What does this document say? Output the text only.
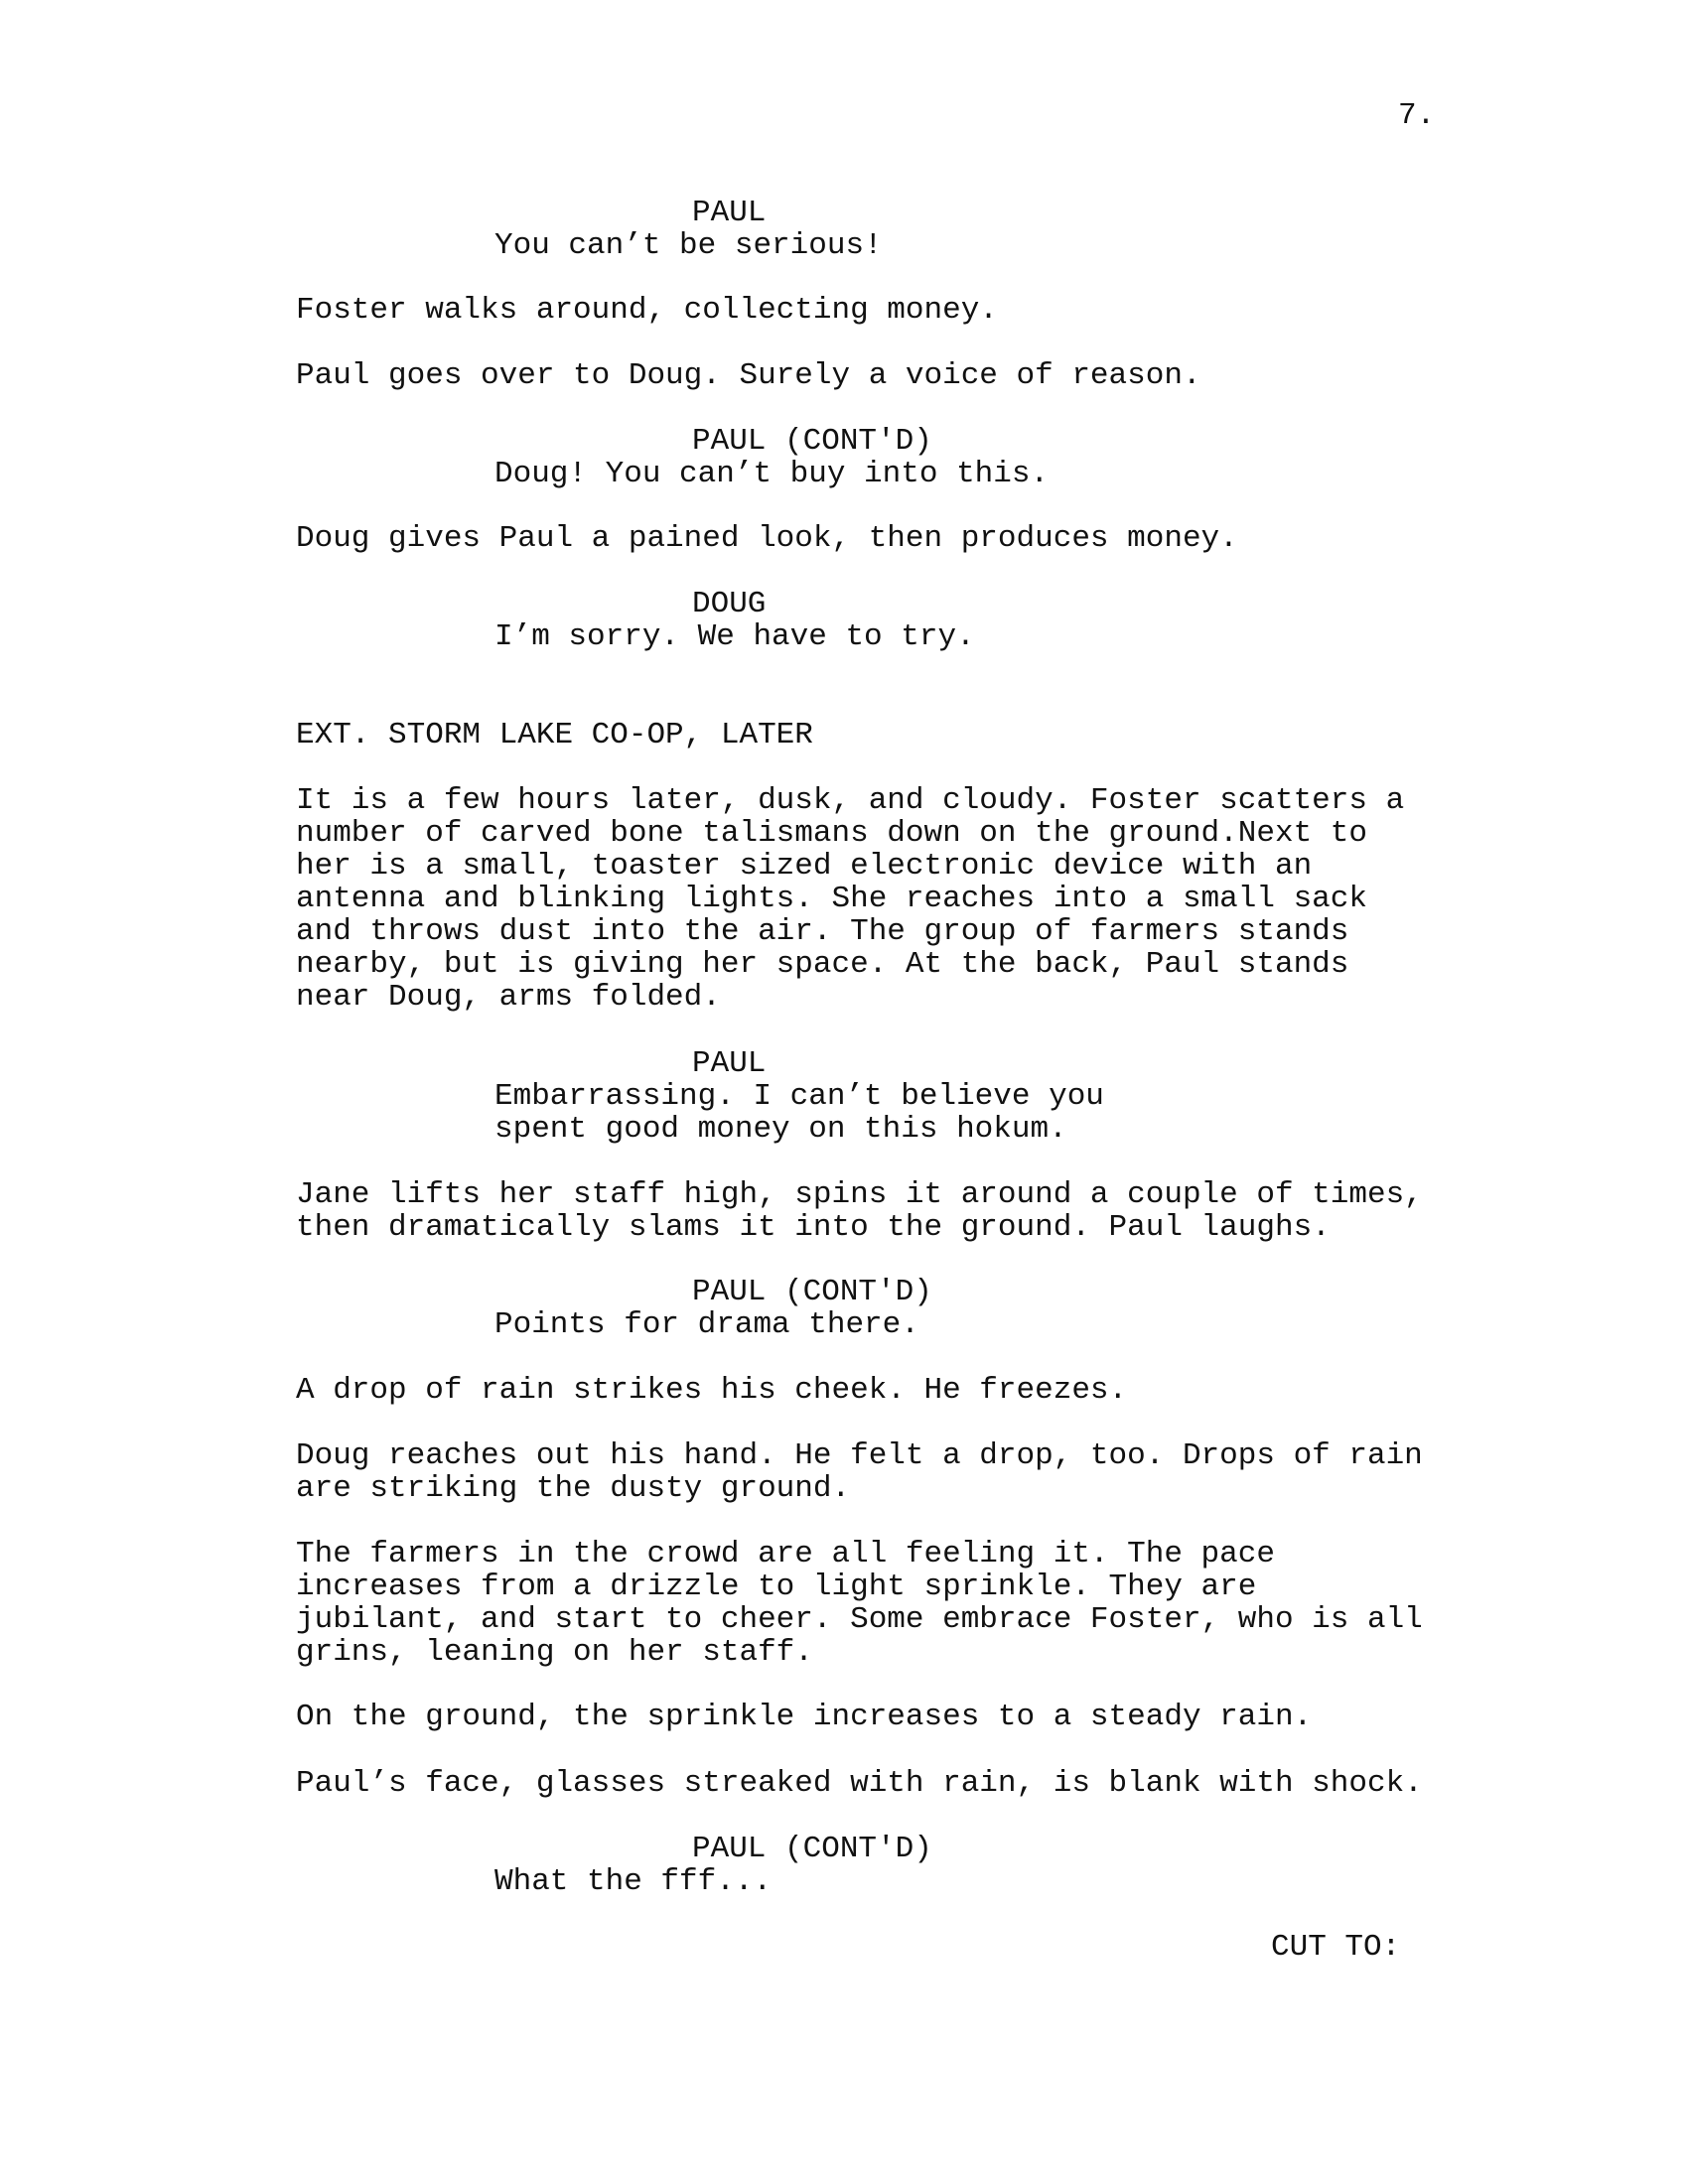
7.
PAUL
You can’t be serious!
Foster walks around, collecting money.
Paul goes over to Doug. Surely a voice of reason.
PAUL (CONT'D)
Doug! You can’t buy into this.
Doug gives Paul a pained look, then produces money.
DOUG
I’m sorry. We have to try.
EXT. STORM LAKE CO-OP, LATER
It is a few hours later, dusk, and cloudy. Foster scatters a
number of carved bone talismans down on the ground.Next to
her is a small, toaster sized electronic device with an
antenna and blinking lights. She reaches into a small sack
and throws dust into the air. The group of farmers stands
nearby, but is giving her space. At the back, Paul stands
near Doug, arms folded.
PAUL
Embarrassing. I can’t believe you
spent good money on this hokum.
Jane lifts her staff high, spins it around a couple of times,
then dramatically slams it into the ground. Paul laughs.
PAUL (CONT'D)
Points for drama there.
A drop of rain strikes his cheek. He freezes.
Doug reaches out his hand. He felt a drop, too. Drops of rain
are striking the dusty ground.
The farmers in the crowd are all feeling it. The pace
increases from a drizzle to light sprinkle. They are
jubilant, and start to cheer. Some embrace Foster, who is all
grins, leaning on her staff.
On the ground, the sprinkle increases to a steady rain.
Paul’s face, glasses streaked with rain, is blank with shock.
PAUL (CONT'D)
What the fff...
CUT TO:
